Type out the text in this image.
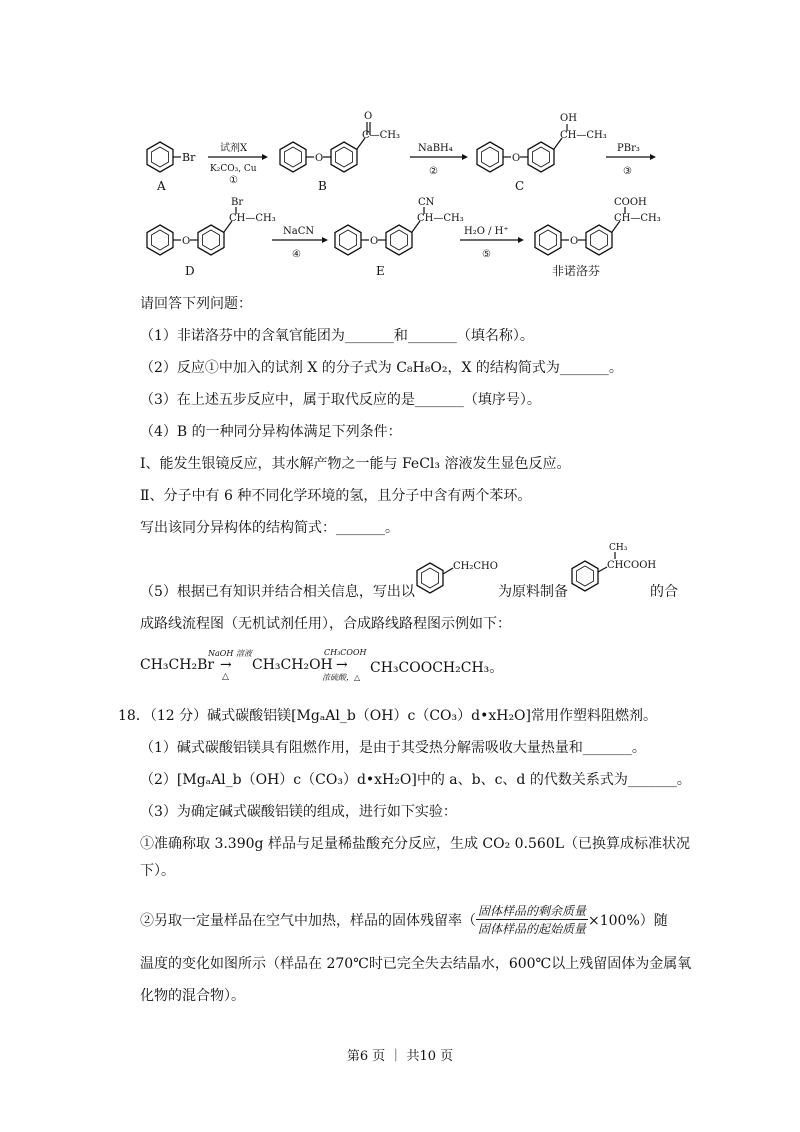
Br
A
试剂X
K₂CO₃, Cu
①
O
O
C—CH₃
B
NaBH₄
②
O
OH
CH—CH₃
C
PBr₃
③
O
Br
CH—CH₃
D
NaCN
④
O
CN
CH—CH₃
E
H₂O / H⁺
⑤
O
COOH
CH—CH₃
非诺洛芬
请回答下列问题：
（1）非诺洛芬中的含氧官能团为_______和_______（填名称）。
（2）反应①中加入的试剂 X 的分子式为 C₈H₈O₂，X 的结构简式为_______。
（3）在上述五步反应中，属于取代反应的是_______（填序号）。
（4）B 的一种同分异构体满足下列条件：
Ⅰ、能发生银镜反应，其水解产物之一能与 FeCl₃ 溶液发生显色反应。
Ⅱ、分子中有 6 种不同化学环境的氢，且分子中含有两个苯环。
写出该同分异构体的结构简式：_______。
（5）根据已有知识并结合相关信息，写出以
CH₂CHO
为原料制备
CH₃
CHCOOH
的合
成路线流程图（无机试剂任用），合成路线路程图示例如下：
CH₃CH₂Br
NaOH 溶液
→
△
CH₃CH₂OH
CH₃COOH
→
浓硫酸，△
CH₃COOCH₂CH₃。
18．（12 分）碱式碳酸铝镁[MgₐAl_b（OH）c（CO₃）d•xH₂O]常用作塑料阻燃剂。
（1）碱式碳酸铝镁具有阻燃作用，是由于其受热分解需吸收大量热量和_______。
（2）[MgₐAl_b（OH）c（CO₃）d•xH₂O]中的 a、b、c、d 的代数关系式为_______。
（3）为确定碱式碳酸铝镁的组成，进行如下实验：
①准确称取 3.390g 样品与足量稀盐酸充分反应，生成 CO₂ 0.560L（已换算成标准状况
下）。
②另取一定量样品在空气中加热，样品的固体残留率（ $\frac{\text{固体样品的剩余质量}}{\text{固体样品的起始质量}} \times 100\%$）随
温度的变化如图所示（样品在 270℃时已完全失去结晶水，600℃以上残留固体为金属氧
化物的混合物）。
第6 页 ｜ 共10 页
